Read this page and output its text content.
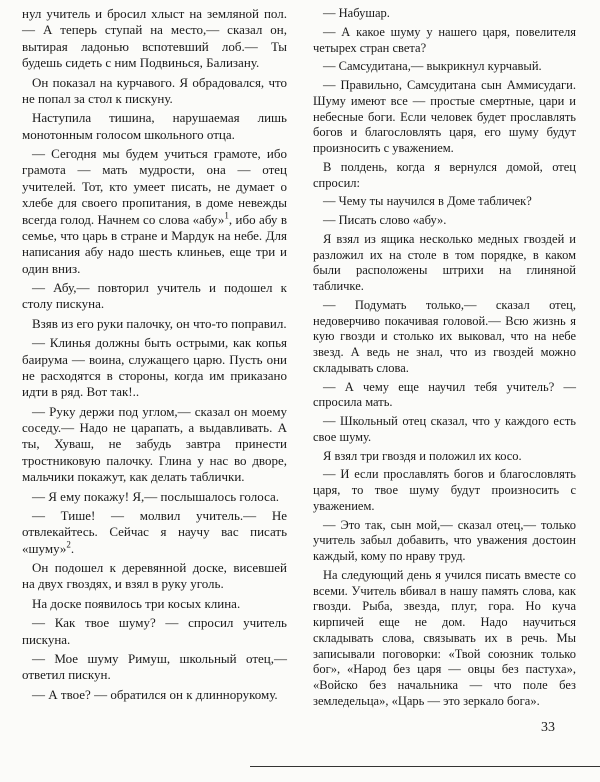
нул учитель и бросил хлыст на земляной пол.— А теперь ступай на место,— сказал он, вытирая ладонью вспотевший лоб.— Ты будешь сидеть с ним Подвинься, Бализану.

Он показал на курчавого. Я обрадовался, что не попал за стол к пискуну.

Наступила тишина, нарушаемая лишь монотонным голосом школьного отца.

— Сегодня мы будем учиться грамоте, ибо грамота — мать мудрости, она — отец учителей. Тот, кто умеет писать, не думает о хлебе для своего пропитания, в доме невежды всегда голод. Начнем со слова «абу»$^1$, ибо абу в семье, что царь в стране и Мардук на небе. Для написания абу надо шесть клиньев, еще три и один вниз.

— Абу,— повторил учитель и подошел к столу пискуна.

Взяв из его руки палочку, он что-то поправил.

— Клинья должны быть острыми, как копья баирума — воина, служащего царю. Пусть они не расходятся в стороны, когда им приказано идти в ряд. Вот так!..

— Руку держи под углом,— сказал он моему соседу.— Надо не царапать, а выдавливать. А ты, Хуваш, не забудь завтра принести тростниковую палочку. Глина у нас во дворе, мальчики покажут, как делать таблички.

— Я ему покажу! Я,— послышалось голоса.

— Тише! — молвил учитель.— Не отвлекайтесь. Сейчас я научу вас писать «шуму»$^2$.

Он подошел к деревянной доске, висевшей на двух гвоздях, и взял в руку уголь.

На доске появилось три косых клина.

— Как твое шуму? — спросил учитель пискуна.

— Мое шуму Римуш, школьный отец,— ответил пискун.

— А твое? — обратился он к длиннорукому.

— Набушар.

— А какое шуму у нашего царя, повелителя четырех стран света?

— Самсудитана,— выкрикнул курчавый.

— Правильно, Самсудитана сын Аммисудаги. Шуму имеют все — простые смертные, цари и небесные боги. Если человек будет прославлять богов и благословлять царя, его шуму будут произносить с уважением.

В полдень, когда я вернулся домой, отец спросил:

— Чему ты научился в Доме табличек?

— Писать слово «абу».

Я взял из ящика несколько медных гвоздей и разложил их на столе в том порядке, в каком были расположены штрихи на глиняной табличке.

— Подумать только,— сказал отец, недоверчиво покачивая головой.— Всю жизнь я кую гвозди и столько их выковал, что на небе звезд. А ведь не знал, что из гвоздей можно складывать слова.

— А чему еще научил тебя учитель? — спросила мать.

— Школьный отец сказал, что у каждого есть свое шуму.

Я взял три гвоздя и положил их косо.

— И если прославлять богов и благословлять царя, то твое шуму будут произносить с уважением.

— Это так, сын мой,— сказал отец,— только учитель забыл добавить, что уважения достоин каждый, кому по нраву труд.

На следующий день я учился писать вместе со всеми. Учитель вбивал в нашу память слова, как гвозди. Рыба, звезда, плуг, гора. Но куча кирпичей еще не дом. Надо научиться складывать слова, связывать их в речь. Мы записывали поговорки: «Твой союзник только бог», «Народ без царя — овцы без пастуха», «Войско без начальника — что поле без земледельца», «Царь — это зеркало бога».

33
